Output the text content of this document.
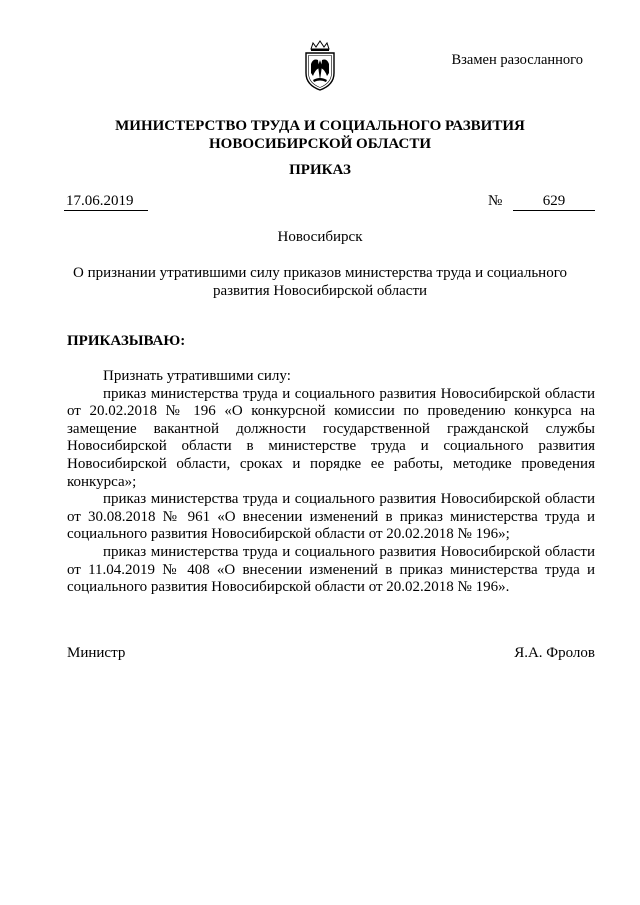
Взамен разосланного
МИНИСТЕРСТВО ТРУДА И СОЦИАЛЬНОГО РАЗВИТИЯ
НОВОСИБИРСКОЙ ОБЛАСТИ
ПРИКАЗ
17.06.2019	№	629
Новосибирск
О признании утратившими силу приказов министерства труда и социального развития Новосибирской области
ПРИКАЗЫВАЮ:

Признать утратившими силу:

приказ министерства труда и социального развития Новосибирской области от 20.02.2018 № 196 «О конкурсной комиссии по проведению конкурса на замещение вакантной должности государственной гражданской службы Новосибирской области в министерстве труда и социального развития Новосибирской области, сроках и порядке ее работы, методике проведения конкурса»;

приказ министерства труда и социального развития Новосибирской области от 30.08.2018 № 961 «О внесении изменений в приказ министерства труда и социального развития Новосибирской области от 20.02.2018 № 196»;

приказ министерства труда и социального развития Новосибирской области от 11.04.2019 № 408 «О внесении изменений в приказ министерства труда и социального развития Новосибирской области от 20.02.2018 № 196».

Министр	Я.А. Фролов
